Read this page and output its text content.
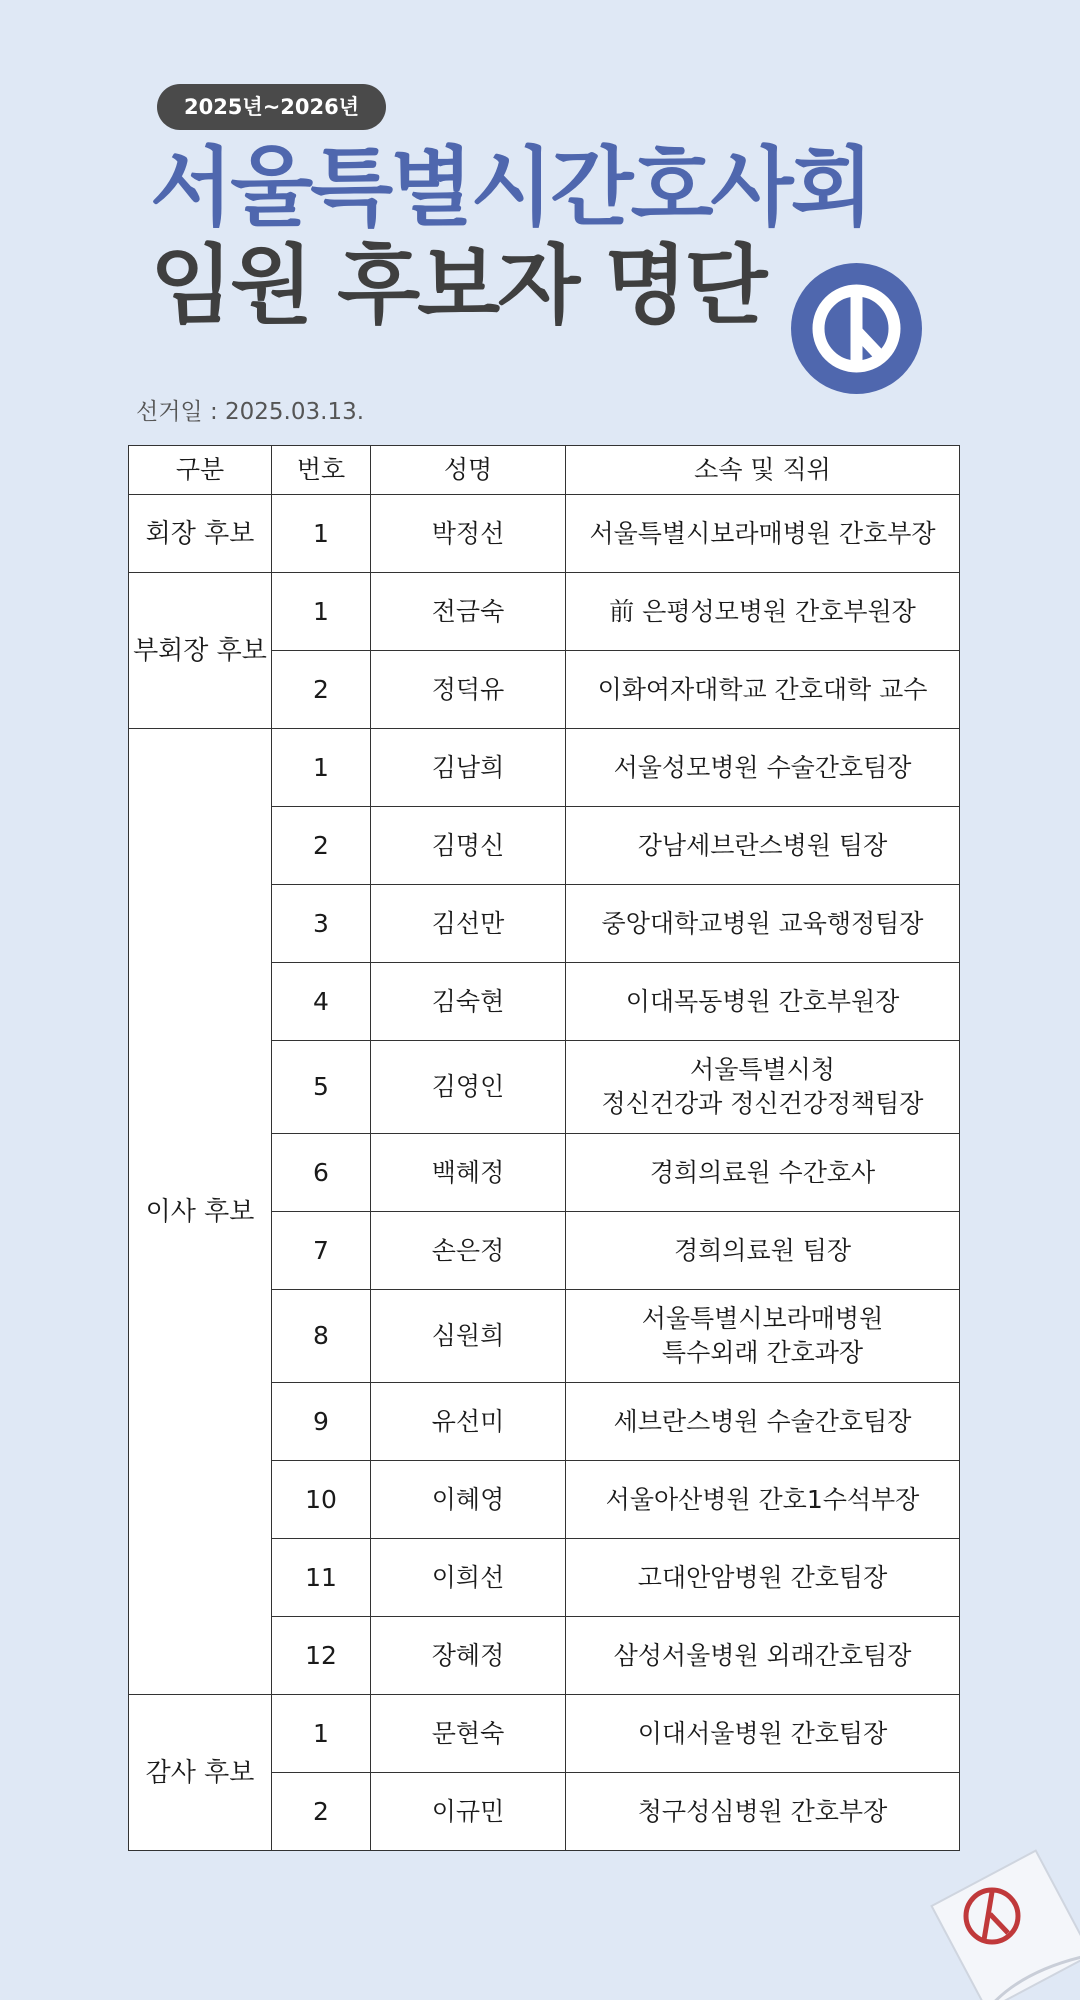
2025년~2026년
서울특별시간호사회
임원 후보자 명단
선거일 : 2025.03.13.
구분	번호	성명	소속 및 직위
회장 후보	1	박정선	서울특별시보라매병원 간호부장
부회장 후보	1	전금숙	前 은평성모병원 간호부원장
	2	정덕유	이화여자대학교 간호대학 교수
이사 후보	1	김남희	서울성모병원 수술간호팀장
	2	김명신	강남세브란스병원 팀장
	3	김선만	중앙대학교병원 교육행정팀장
	4	김숙현	이대목동병원 간호부원장
	5	김영인	서울특별시청
정신건강과 정신건강정책팀장

	6	백혜정	경희의료원 수간호사
	7	손은정	경희의료원 팀장
	8	심원희	서울특별시보라매병원
특수외래 간호과장

	9	유선미	세브란스병원 수술간호팀장
	10	이혜영	서울아산병원 간호1수석부장
	11	이희선	고대안암병원 간호팀장
	12	장혜정	삼성서울병원 외래간호팀장
감사 후보	1	문현숙	이대서울병원 간호팀장
	2	이규민	청구성심병원 간호부장
